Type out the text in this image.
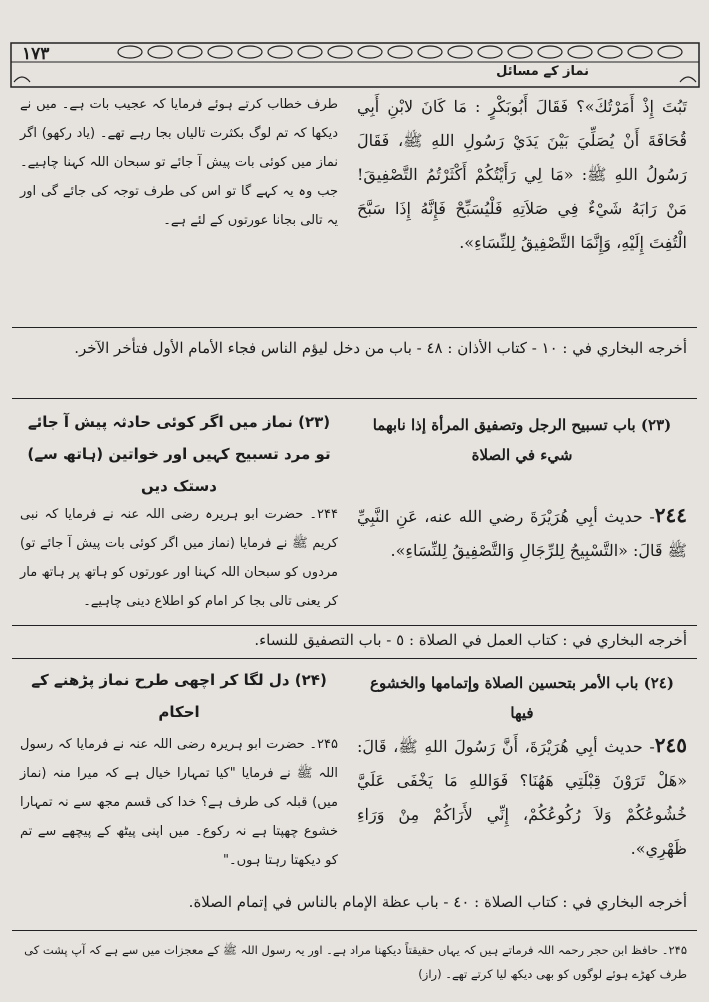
١٧٣
نماز کے مسائل
تَبُتَ إِذْ أَمَرْتُكَ»؟ فَقَالَ أَبُوبَكْرٍ : مَا كَانَ لابْنِ أَبِي قُحَافَةَ أَنْ يُصَلِّيَ بَيْنَ يَدَيْ رَسُولِ اللهِ ﷺ، فَقَالَ رَسُولُ اللهِ ﷺ: «مَا لِي رَأَيْتُكُمْ أَكْثَرْتُمُ التَّصْفِيقَ! مَنْ رَابَهُ شَيْءٌ فِي صَلاَتِهِ فَلْيُسَبِّحْ فَإِنَّهُ إِذَا سَبَّحَ الْتُفِتَ إِلَيْهِ، وَإِنَّمَا التَّصْفِيقُ لِلنِّسَاءِ».
طرف خطاب کرتے ہوئے فرمایا کہ عجیب بات ہے۔ میں نے دیکھا کہ تم لوگ بکثرت تالیاں بجا رہے تھے۔ (یاد رکھو) اگر نماز میں کوئی بات پیش آ جائے تو سبحان اللہ کہنا چاہیے۔ جب وہ یہ کہے گا تو اس کی طرف توجہ کی جائے گی اور یہ تالی بجانا عورتوں کے لئے ہے۔
أخرجه البخاري في : ١٠ - كتاب الأذان : ٤٨ - باب من دخل ليؤم الناس فجاء الأمام الأول فتأخر الآخر.
(٢٣) باب تسبيح الرجل وتصفيق المرأة إذا نابهما شيء في الصلاة
(۲۳) نماز میں اگر کوئی حادثہ پیش آ جائے تو مرد تسبیح کہیں اور خواتین (ہاتھ سے) دستک دیں
٢٤٤- حديث أبِي هُرَيْرَةَ رضي الله عنه، عَنِ النَّبِيِّ ﷺ قَالَ: «التَّسْبِيحُ لِلرِّجَالِ وَالتَّصْفِيقُ لِلنِّسَاءِ».
۲۴۴۔ حضرت ابو ہریرہ رضی اللہ عنہ نے فرمایا کہ نبی کریم ﷺ نے فرمایا (نماز میں اگر کوئی بات پیش آ جائے تو) مردوں کو سبحان اللہ کہنا اور عورتوں کو ہاتھ پر ہاتھ مار کر یعنی تالی بجا کر امام کو اطلاع دینی چاہیے۔
أخرجه البخاري في : كتاب العمل في الصلاة : ٥ - باب التصفيق للنساء.
(٢٤) باب الأمر بتحسين الصلاة وإتمامها والخشوع فيها
(۲۴) دل لگا کر اچھی طرح نماز پڑھنے کے احکام
٢٤٥- حديث أبِي هُرَيْرَةَ، أَنَّ رَسُولَ اللهِ ﷺ، قَالَ: «هَلْ تَرَوْنَ قِبْلَتِي هَهُنَا؟ فَوَاللهِ مَا يَخْفَى عَلَيَّ خُشُوعُكُمْ وَلاَ رُكُوعُكُمْ، إِنِّي لأَرَاكُمْ مِنْ وَرَاءِ ظَهْرِي».
۲۴۵۔ حضرت ابو ہریرہ رضی اللہ عنہ نے فرمایا کہ رسول اللہ ﷺ نے فرمایا "کیا تمہارا خیال ہے کہ میرا منہ (نماز میں) قبلہ کی طرف ہے؟ خدا کی قسم مجھ سے نہ تمہارا خشوع چھپتا ہے نہ رکوع۔ میں اپنی پیٹھ کے پیچھے سے تم کو دیکھتا رہتا ہوں۔"
أخرجه البخاري في : كتاب الصلاة : ٤٠ - باب عظة الإمام بالناس في إتمام الصلاة.
۲۴۵۔ حافظ ابن حجر رحمہ اللہ فرماتے ہیں کہ یہاں حقیقتاً دیکھنا مراد ہے۔ اور یہ رسول اللہ ﷺ کے معجزات میں سے ہے کہ آپ پشت کی طرف کھڑے ہوئے لوگوں کو بھی دیکھ لیا کرتے تھے۔ (راز)
